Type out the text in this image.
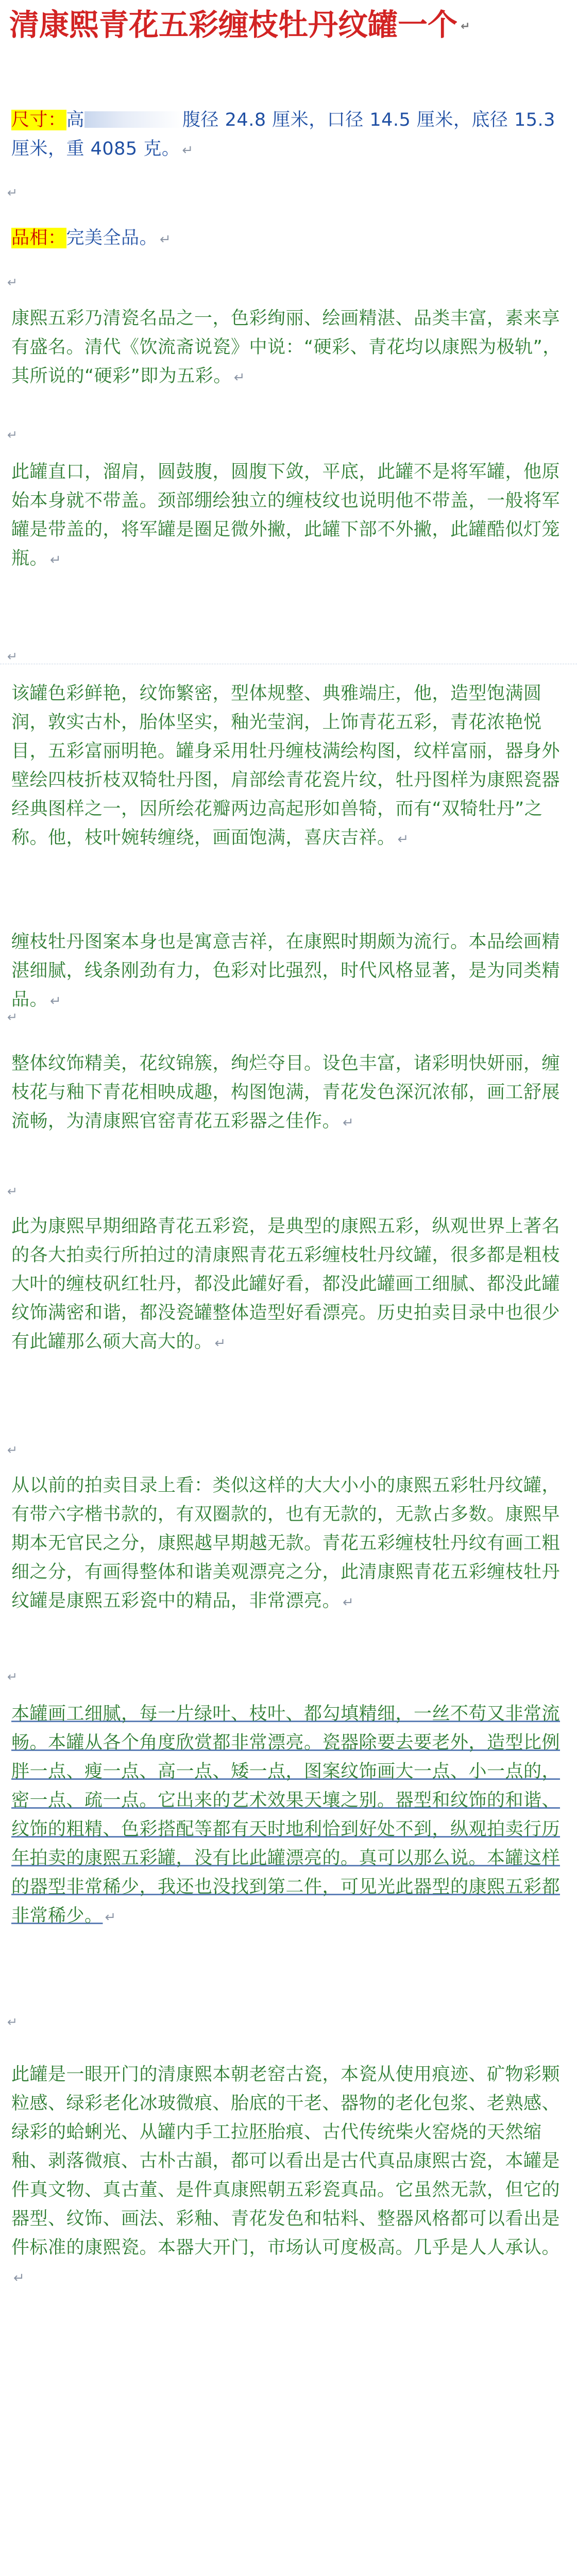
清康熙青花五彩缠枝牡丹纹罐一个 ↵
尺寸：高	腹径 24.8 厘米，口径 14.5 厘米，底径 15.3 厘米，重 4085 克。 ↵
↵
品相：完美全品。 ↵
↵
康熙五彩乃清瓷名品之一，色彩绚丽、绘画精湛、品类丰富，素来享有盛名。清代《饮流斋说瓷》中说：“硬彩、青花均以康熙为极轨”，其所说的“硬彩”即为五彩。 ↵
↵
此罐直口，溜肩，圆鼓腹，圆腹下敛，平底，此罐不是将军罐，他原始本身就不带盖。颈部绷绘独立的缠枝纹也说明他不带盖，一般将军罐是带盖的，将军罐是圈足微外撇，此罐下部不外撇，此罐酷似灯笼瓶。 ↵
↵
该罐色彩鲜艳，纹饰繁密，型体规整、典雅端庄，他，造型饱满圆润，敦实古朴，胎体坚实，釉光莹润，上饰青花五彩，青花浓艳悦目，五彩富丽明艳。罐身采用牡丹缠枝满绘构图，纹样富丽，器身外壁绘四枝折枝双犄牡丹图，肩部绘青花瓷片纹，牡丹图样为康熙瓷器经典图样之一，因所绘花瓣两边高起形如兽犄，而有“双犄牡丹”之称。他，枝叶婉转缠绕，画面饱满，喜庆吉祥。 ↵
缠枝牡丹图案本身也是寓意吉祥，在康熙时期颇为流行。本品绘画精湛细腻，线条刚劲有力，色彩对比强烈，时代风格显著，是为同类精品。 ↵
↵
整体纹饰精美，花纹锦簇，绚烂夺目。设色丰富，诸彩明快妍丽，缠枝花与釉下青花相映成趣，构图饱满，青花发色深沉浓郁，画工舒展流畅，为清康熙官窑青花五彩器之佳作。 ↵
↵
此为康熙早期细路青花五彩瓷，是典型的康熙五彩，纵观世界上著名的各大拍卖行所拍过的清康熙青花五彩缠枝牡丹纹罐，很多都是粗枝大叶的缠枝矾红牡丹，都没此罐好看，都没此罐画工细腻、都没此罐纹饰满密和谐，都没瓷罐整体造型好看漂亮。历史拍卖目录中也很少有此罐那么硕大高大的。 ↵
↵
从以前的拍卖目录上看：类似这样的大大小小的康熙五彩牡丹纹罐，有带六字楷书款的，有双圈款的，也有无款的，无款占多数。康熙早期本无官民之分，康熙越早期越无款。青花五彩缠枝牡丹纹有画工粗细之分，有画得整体和谐美观漂亮之分，此清康熙青花五彩缠枝牡丹纹罐是康熙五彩瓷中的精品，非常漂亮。 ↵
↵
本罐画工细腻，每一片绿叶、枝叶、都勾填精细，一丝不苟又非常流畅。本罐从各个角度欣赏都非常漂亮。瓷器除要去要老外，造型比例胖一点、瘦一点、高一点、矮一点，图案纹饰画大一点、小一点的，密一点、疏一点。它出来的艺术效果天壤之别。器型和纹饰的和谐、纹饰的粗精、色彩搭配等都有天时地利恰到好处不到，纵观拍卖行历年拍卖的康熙五彩罐，没有比此罐漂亮的。真可以那么说。本罐这样的器型非常稀少，我还也没找到第二件，可见光此器型的康熙五彩都非常稀少。 ↵
↵
此罐是一眼开门的清康熙本朝老窑古瓷，本瓷从使用痕迹、矿物彩颗粒感、绿彩老化冰玻微痕、胎底的干老、器物的老化包浆、老熟感、绿彩的蛤蜊光、从罐内手工拉胚胎痕、古代传统柴火窑烧的天然缩釉、剥落微痕、古朴古韻，都可以看出是古代真品康熙古瓷，本罐是件真文物、真古董、是件真康熙朝五彩瓷真品。它虽然无款，但它的器型、纹饰、画法、彩釉、青花发色和牯料、整器风格都可以看出是件标准的康熙瓷。本器大开门，市场认可度极高。几乎是人人承认。↵
